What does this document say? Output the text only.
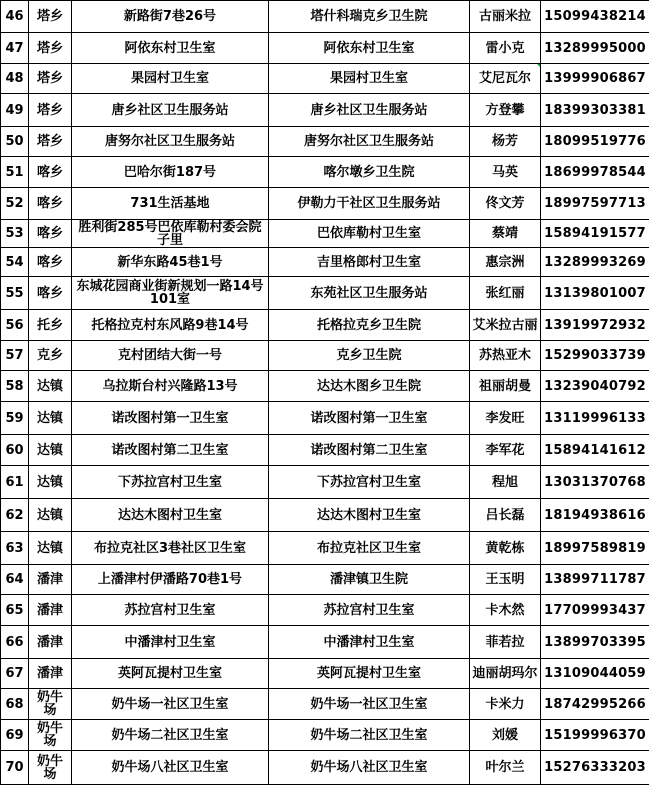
46	塔乡	新路街7巷26号	塔什科瑞克乡卫生院	古丽米拉	15099438214
47	塔乡	阿依东村卫生室	阿依东村卫生室	雷小克	13289995000
48	塔乡	果园村卫生室	果园村卫生室	艾尼瓦尔	13999906867
49	塔乡	唐乡社区卫生服务站	唐乡社区卫生服务站	方登攀	18399303381
50	塔乡	唐努尔社区卫生服务站	唐努尔社区卫生服务站	杨芳	18099519776
51	喀乡	巴哈尔街187号	喀尔墩乡卫生院	马英	18699978544
52	喀乡	731生活基地	伊勒力干社区卫生服务站	佟文芳	18997597713
53	喀乡	胜利街285号巴依库勒村委会院子里	巴依库勒村卫生室	蔡靖	15894191577
54	喀乡	新华东路45巷1号	吉里格郎村卫生室	惠宗洲	13289993269
55	喀乡	东城花园商业街新规划一路14号101室	东苑社区卫生服务站	张红丽	13139801007
56	托乡	托格拉克村东风路9巷14号	托格拉克乡卫生院	艾米拉古丽	13919972932
57	克乡	克村团结大街一号	克乡卫生院	苏热亚木	15299033739
58	达镇	乌拉斯台村兴隆路13号	达达木图乡卫生院	祖丽胡曼	13239040792
59	达镇	诺改图村第一卫生室	诺改图村第一卫生室	李发旺	13119996133
60	达镇	诺改图村第二卫生室	诺改图村第二卫生室	李军花	15894141612
61	达镇	下苏拉宫村卫生室	下苏拉宫村卫生室	程旭	13031370768
62	达镇	达达木图村卫生室	达达木图村卫生室	吕长磊	18194938616
63	达镇	布拉克社区3巷社区卫生室	布拉克社区卫生室	黄乾栋	18997589819
64	潘津	上潘津村伊潘路70巷1号	潘津镇卫生院	王玉明	13899711787
65	潘津	苏拉宫村卫生室	苏拉宫村卫生室	卡木然	17709993437
66	潘津	中潘津村卫生室	中潘津村卫生室	菲若拉	13899703395
67	潘津	英阿瓦提村卫生室	英阿瓦提村卫生室	迪丽胡玛尔	13109044059
68	奶牛场	奶牛场一社区卫生室	奶牛场一社区卫生室	卡米力	18742995266
69	奶牛场	奶牛场二社区卫生室	奶牛场二社区卫生室	刘媛	15199996370
70	奶牛场	奶牛场八社区卫生室	奶牛场八社区卫生室	叶尔兰	15276333203
